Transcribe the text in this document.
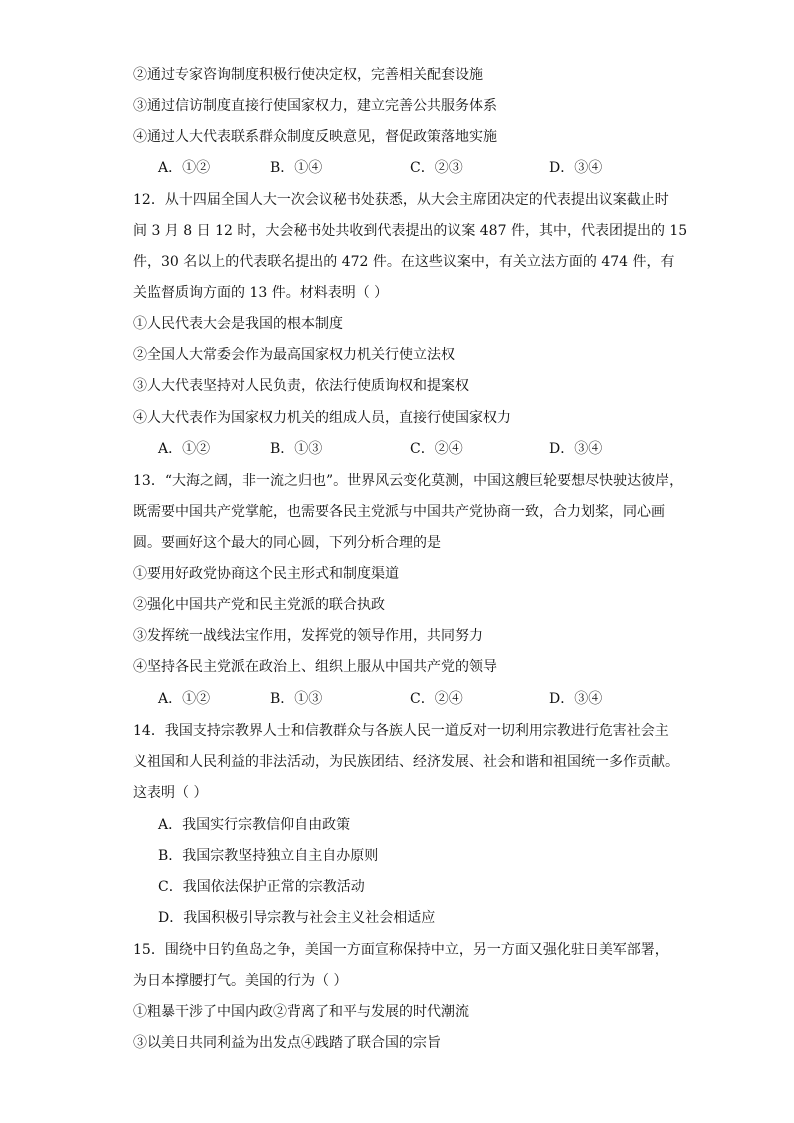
②通过专家咨询制度积极行使决定权，完善相关配套设施
③通过信访制度直接行使国家权力，建立完善公共服务体系
④通过人大代表联系群众制度反映意见，督促政策落地实施
A．①②	B．①④	C．②③	D．③④
12．从十四届全国人大一次会议秘书处获悉，从大会主席团决定的代表提出议案截止时
间 3 月 8 日 12 时，大会秘书处共收到代表提出的议案 487 件，其中，代表团提出的 15
件，30 名以上的代表联名提出的 472 件。在这些议案中，有关立法方面的 474 件，有
关监督质询方面的 13 件。材料表明（ ）
①人民代表大会是我国的根本制度
②全国人大常委会作为最高国家权力机关行使立法权
③人大代表坚持对人民负责，依法行使质询权和提案权
④人大代表作为国家权力机关的组成人员，直接行使国家权力
A．①②	B．①③	C．②④	D．③④
13．“大海之阔，非一流之归也”。世界风云变化莫测，中国这艘巨轮要想尽快驶达彼岸，
既需要中国共产党掌舵，也需要各民主党派与中国共产党协商一致，合力划桨，同心画
圆。要画好这个最大的同心圆，下列分析合理的是
①要用好政党协商这个民主形式和制度渠道
②强化中国共产党和民主党派的联合执政
③发挥统一战线法宝作用，发挥党的领导作用，共同努力
④坚持各民主党派在政治上、组织上服从中国共产党的领导
A．①②	B．①③	C．②④	D．③④
14．我国支持宗教界人士和信教群众与各族人民一道反对一切利用宗教进行危害社会主
义祖国和人民利益的非法活动，为民族团结、经济发展、社会和谐和祖国统一多作贡献。
这表明（ ）
A．我国实行宗教信仰自由政策
B．我国宗教坚持独立自主自办原则
C．我国依法保护正常的宗教活动
D．我国积极引导宗教与社会主义社会相适应
15．围绕中日钓鱼岛之争，美国一方面宣称保持中立，另一方面又强化驻日美军部署，
为日本撑腰打气。美国的行为（ ）
①粗暴干涉了中国内政②背离了和平与发展的时代潮流
③以美日共同利益为出发点④践踏了联合国的宗旨
